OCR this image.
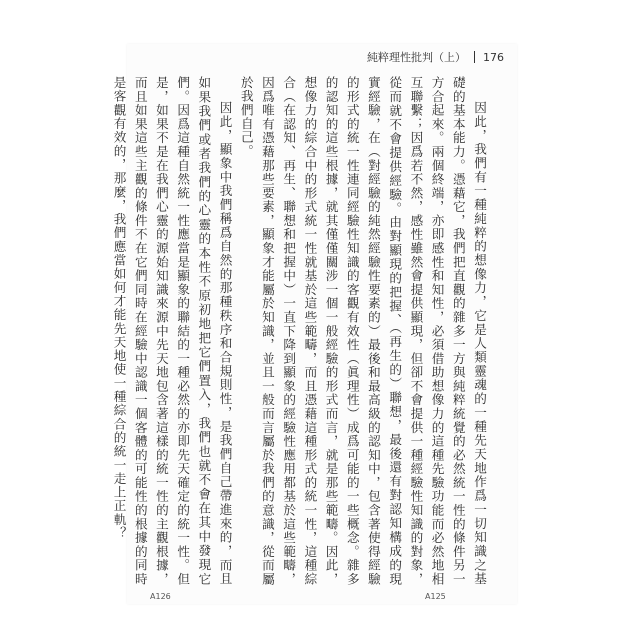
純粹理性批判（上） 176

因此，我們有一種純粹的想像力，它是人類靈魂的一種先天地作爲一切知識之基礎的基本能力。憑藉它，我們把直觀的雜多一方與純粹統覺的必然統一性的條件另一方合起來。兩個終端，亦即感性和知性，必須借助想像力的這種先驗功能而必然地相互聯繫；因爲若不然，感性雖然會提供顯現，但卻不會提供一種經驗性知識的對象，從而就不會提供經驗。由對顯現的把握、（再生的）聯想，最後還有對認知構成的現實經驗，在（對經驗的純然經驗性要素的）最後和最高級的認知中，包含著使得經驗的形式的統一性連同經驗性知識的客觀有效性（眞理性）成爲可能的一些概念。雜多的認知的這些根據，就其僅僅關涉一個一般經驗的形式而言，就是那些範疇。因此，想像力的綜合中的形式統一性就基於這些範疇，而且憑藉這種形式的統一性，這種綜合（在認知、再生、聯想和把握中）一直下降到顯象的經驗性應用都基於這些範疇，因爲唯有憑藉那些要素，顯象才能屬於知識，並且一般而言屬於我們的意識，從而屬於我們自己。

因此，顯象中我們稱爲自然的那種秩序和合規則性，是我們自己帶進來的，而且如果我們或者我們的心靈的本性不原初地把它們置入，我們也就不會在其中發現它們。因爲這種自然統一性應當是顯象的聯結的一種必然的亦即先天確定的統一性。但是，如果不是在我們心靈的源始知識來源中先天地包含著這樣的統一性的主觀根據，而且如果這些主觀的條件不在它們同時在經驗中認識一個客體的可能性的根據的同時是客觀有效的，那麼，我們應當如何才能先天地使一種綜合的統一走上正軌？

A126	A125
